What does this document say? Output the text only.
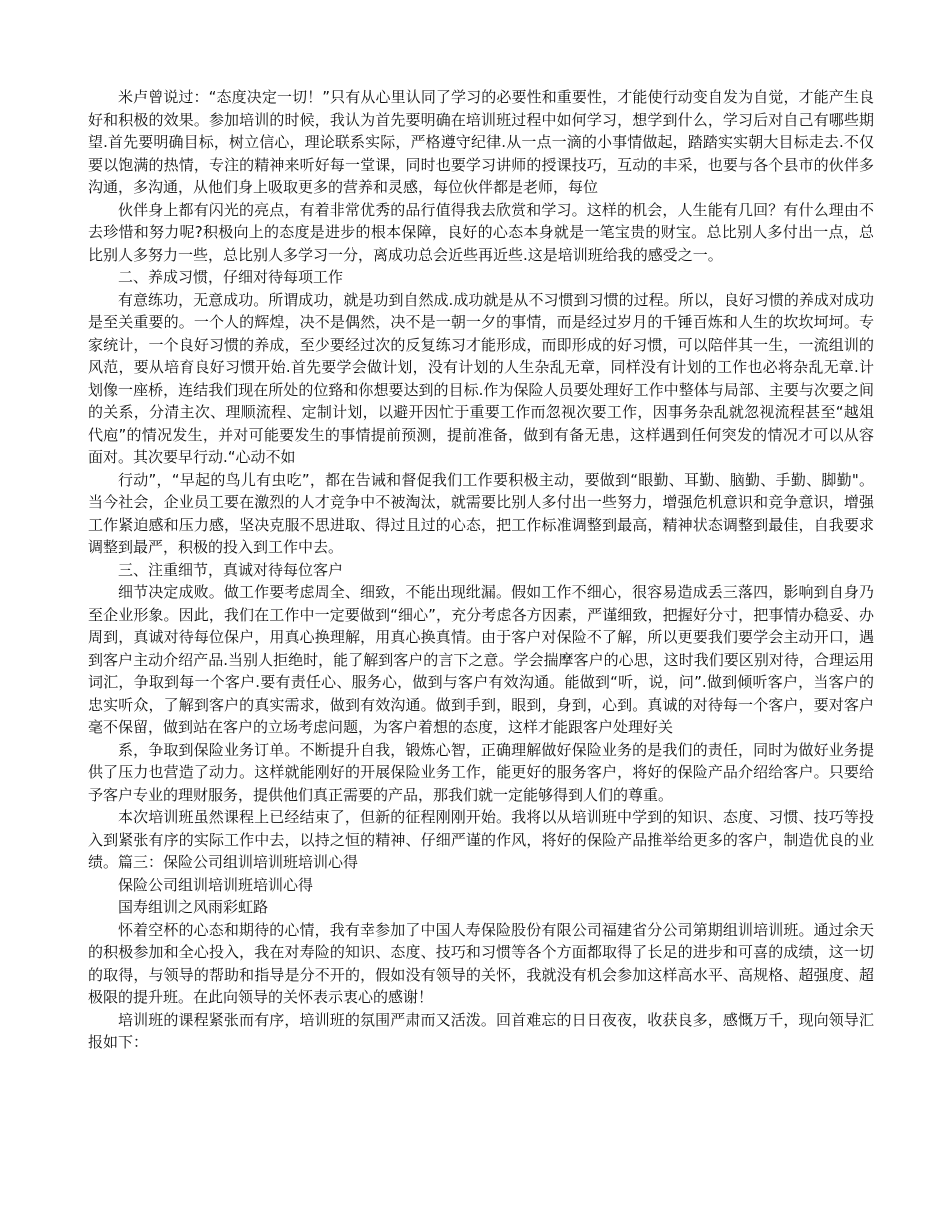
米卢曾说过：“态度决定一切！”只有从心里认同了学习的必要性和重要性，才能使行动变自发为自觉，才能产生良好和积极的效果。参加培训的时候，我认为首先要明确在培训班过程中如何学习，想学到什么，学习后对自己有哪些期望.首先要明确目标，树立信心，理论联系实际，严格遵守纪律.从一点一滴的小事情做起，踏踏实实朝大目标走去.不仅要以饱满的热情，专注的精神来听好每一堂课，同时也要学习讲师的授课技巧，互动的丰采，也要与各个县市的伙伴多沟通，多沟通，从他们身上吸取更多的营养和灵感，每位伙伴都是老师，每位

伙伴身上都有闪光的亮点，有着非常优秀的品行值得我去欣赏和学习。这样的机会，人生能有几回？有什么理由不去珍惜和努力呢?积极向上的态度是进步的根本保障，良好的心态本身就是一笔宝贵的财宝。总比别人多付出一点，总比别人多努力一些，总比别人多学习一分，离成功总会近些再近些.这是培训班给我的感受之一。

二、养成习惯，仔细对待每项工作

有意练功，无意成功。所谓成功，就是功到自然成.成功就是从不习惯到习惯的过程。所以，良好习惯的养成对成功是至关重要的。一个人的辉煌，决不是偶然，决不是一朝一夕的事情，而是经过岁月的千锤百炼和人生的坎坎坷坷。专家统计，一个良好习惯的养成，至少要经过次的反复练习才能形成，而即形成的好习惯，可以陪伴其一生，一流组训的风范，要从培育良好习惯开始.首先要学会做计划，没有计划的人生杂乱无章，同样没有计划的工作也必将杂乱无章.计划像一座桥，连结我们现在所处的位臵和你想要达到的目标.作为保险人员要处理好工作中整体与局部、主要与次要之间的关系，分清主次、理顺流程、定制计划，以避开因忙于重要工作而忽视次要工作，因事务杂乱就忽视流程甚至“越俎代庖”的情况发生，并对可能要发生的事情提前预测，提前准备，做到有备无患，这样遇到任何突发的情况才可以从容面对。其次要早行动.“心动不如

行动”，“早起的鸟儿有虫吃”，都在告诫和督促我们工作要积极主动，要做到“眼勤、耳勤、脑勤、手勤、脚勤"。当今社会，企业员工要在激烈的人才竞争中不被淘汰，就需要比别人多付出一些努力，增强危机意识和竞争意识，增强工作紧迫感和压力感，坚决克服不思进取、得过且过的心态，把工作标准调整到最高，精神状态调整到最佳，自我要求调整到最严，积极的投入到工作中去。

三、注重细节，真诚对待每位客户

细节决定成败。做工作要考虑周全、细致，不能出现纰漏。假如工作不细心，很容易造成丢三落四，影响到自身乃至企业形象。因此，我们在工作中一定要做到“细心”，充分考虑各方因素，严谨细致，把握好分寸，把事情办稳妥、办周到，真诚对待每位保户，用真心换理解，用真心换真情。由于客户对保险不了解，所以更要我们要学会主动开口，遇到客户主动介绍产品.当别人拒绝时，能了解到客户的言下之意。学会揣摩客户的心思，这时我们要区别对待，合理运用词汇，争取到每一个客户.要有责任心、服务心，做到与客户有效沟通。能做到“听，说，问”.做到倾听客户，当客户的忠实听众，了解到客户的真实需求，做到有效沟通。做到手到，眼到，身到，心到。真诚的对待每一个客户，要对客户毫不保留，做到站在客户的立场考虑问题，为客户着想的态度，这样才能跟客户处理好关

系，争取到保险业务订单。不断提升自我，锻炼心智，正确理解做好保险业务的是我们的责任，同时为做好业务提供了压力也营造了动力。这样就能刚好的开展保险业务工作，能更好的服务客户，将好的保险产品介绍给客户。只要给予客户专业的理财服务，提供他们真正需要的产品，那我们就一定能够得到人们的尊重。

本次培训班虽然课程上已经结束了，但新的征程刚刚开始。我将以从培训班中学到的知识、态度、习惯、技巧等投入到紧张有序的实际工作中去，以持之恒的精神、仔细严谨的作风，将好的保险产品推举给更多的客户，制造优良的业绩。篇三：保险公司组训培训班培训心得

保险公司组训培训班培训心得

国寿组训之风雨彩虹路

怀着空杯的心态和期待的心情，我有幸参加了中国人寿保险股份有限公司福建省分公司第期组训培训班。通过余天的积极参加和全心投入，我在对寿险的知识、态度、技巧和习惯等各个方面都取得了长足的进步和可喜的成绩，这一切的取得，与领导的帮助和指导是分不开的，假如没有领导的关怀，我就没有机会参加这样高水平、高规格、超强度、超极限的提升班。在此向领导的关怀表示衷心的感谢！

培训班的课程紧张而有序，培训班的氛围严肃而又活泼。回首难忘的日日夜夜，收获良多，感慨万千，现向领导汇报如下：
